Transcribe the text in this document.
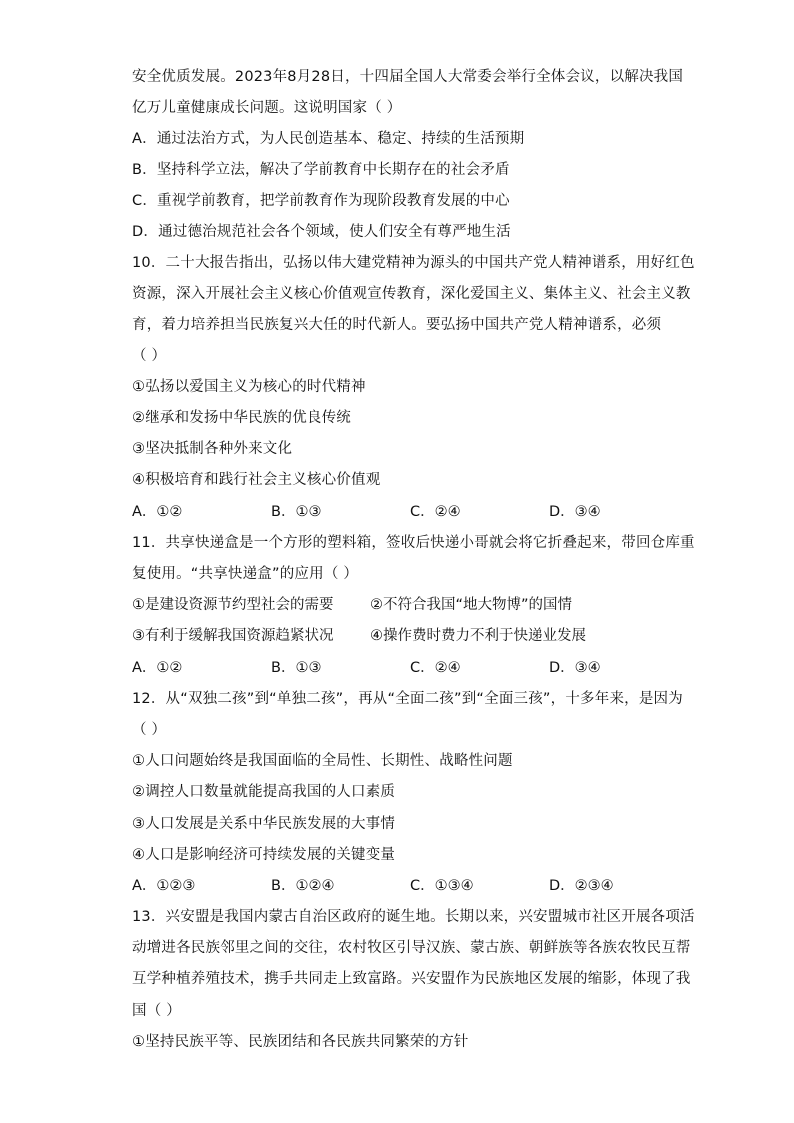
安全优质发展。2023年8月28日，十四届全国人大常委会举行全体会议，以解决我国
亿万儿童健康成长问题。这说明国家（ ）
A．通过法治方式，为人民创造基本、稳定、持续的生活预期
B．坚持科学立法，解决了学前教育中长期存在的社会矛盾
C．重视学前教育，把学前教育作为现阶段教育发展的中心
D．通过德治规范社会各个领域，使人们安全有尊严地生活
10．二十大报告指出，弘扬以伟大建党精神为源头的中国共产党人精神谱系，用好红色
资源，深入开展社会主义核心价值观宣传教育，深化爱国主义、集体主义、社会主义教
育，着力培养担当民族复兴大任的时代新人。要弘扬中国共产党人精神谱系，必须
（ ）
①弘扬以爱国主义为核心的时代精神
②继承和发扬中华民族的优良传统
③坚决抵制各种外来文化
④积极培育和践行社会主义核心价值观
A．①②	B．①③	C．②④	D．③④
11．共享快递盒是一个方形的塑料箱，签收后快递小哥就会将它折叠起来，带回仓库重
复使用。“共享快递盒”的应用（ ）
①是建设资源节约型社会的需要	②不符合我国“地大物博”的国情
③有利于缓解我国资源趋紧状况	④操作费时费力不利于快递业发展
A．①②	B．①③	C．②④	D．③④
12．从“双独二孩”到“单独二孩”，再从“全面二孩”到“全面三孩”，十多年来，是因为
（ ）
①人口问题始终是我国面临的全局性、长期性、战略性问题
②调控人口数量就能提高我国的人口素质
③人口发展是关系中华民族发展的大事情
④人口是影响经济可持续发展的关键变量
A．①②③	B．①②④	C．①③④	D．②③④
13．兴安盟是我国内蒙古自治区政府的诞生地。长期以来，兴安盟城市社区开展各项活
动增进各民族邻里之间的交往，农村牧区引导汉族、蒙古族、朝鲜族等各族农牧民互帮
互学种植养殖技术，携手共同走上致富路。兴安盟作为民族地区发展的缩影，体现了我
国（ ）
①坚持民族平等、民族团结和各民族共同繁荣的方针
